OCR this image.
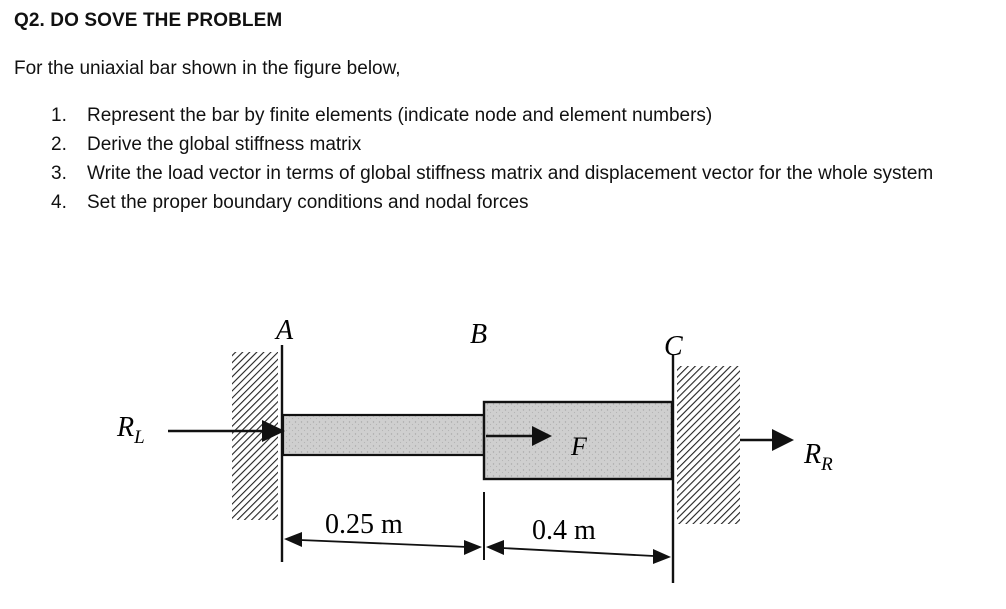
Q2. DO SOVE THE PROBLEM
For the uniaxial bar shown in the figure below,
1. Represent the bar by finite elements (indicate node and element numbers)
2. Derive the global stiffness matrix
3. Write the load vector in terms of global stiffness matrix and displacement vector for the whole system
4. Set the proper boundary conditions and nodal forces
$R_L$	F	$R_R$
A	B	C
0.25 m	0.4 m
